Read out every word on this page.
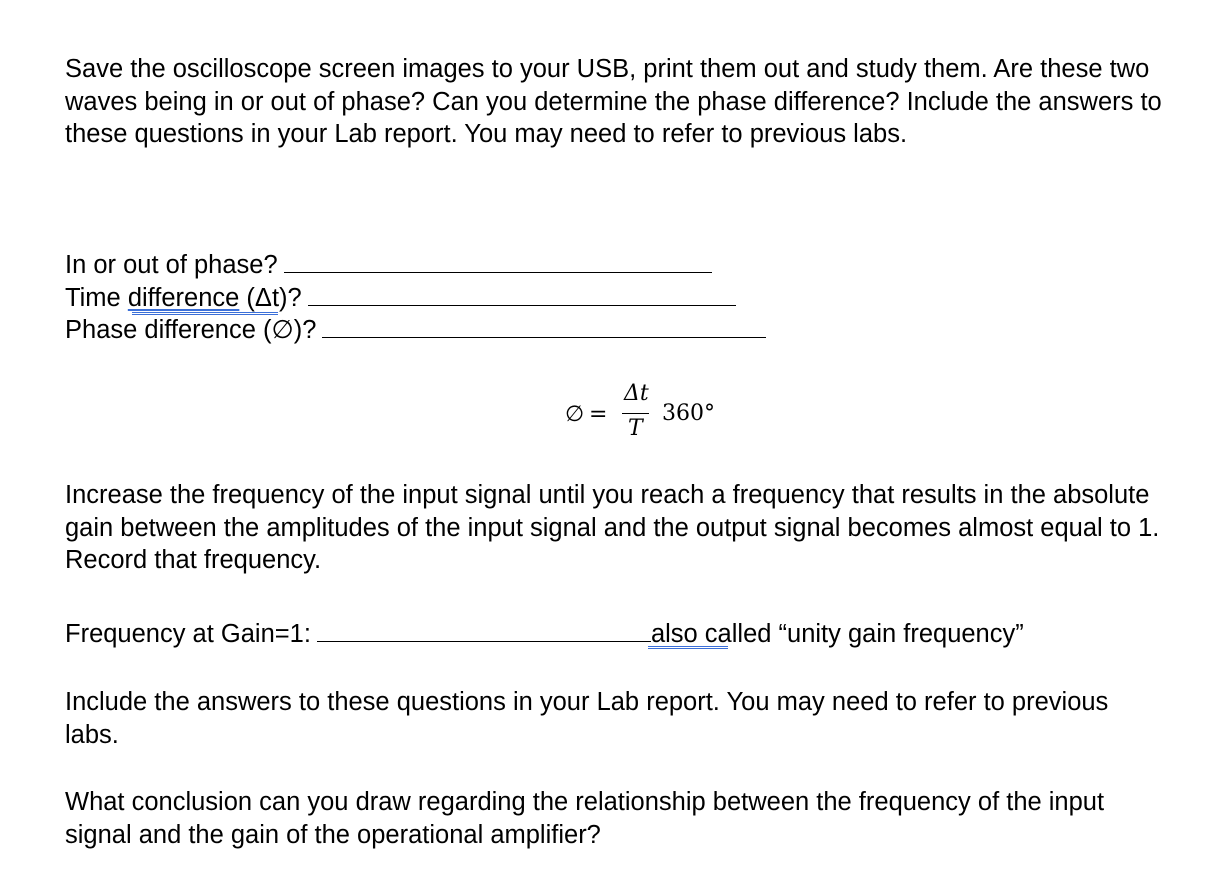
Save the oscilloscope screen images to your USB, print them out and study them. Are these two waves being in or out of phase? Can you determine the phase difference? Include the answers to these questions in your Lab report. You may need to refer to previous labs.

In or out of phase?
Time difference (Δt)?
Phase difference (∅)?
∅ =
Δt
T
360°

Increase the frequency of the input signal until you reach a frequency that results in the absolute gain between the amplitudes of the input signal and the output signal becomes almost equal to 1. Record that frequency.

Frequency at Gain=1:	also called “unity gain frequency”

Include the answers to these questions in your Lab report. You may need to refer to previous labs.

What conclusion can you draw regarding the relationship between the frequency of the input signal and the gain of the operational amplifier?
